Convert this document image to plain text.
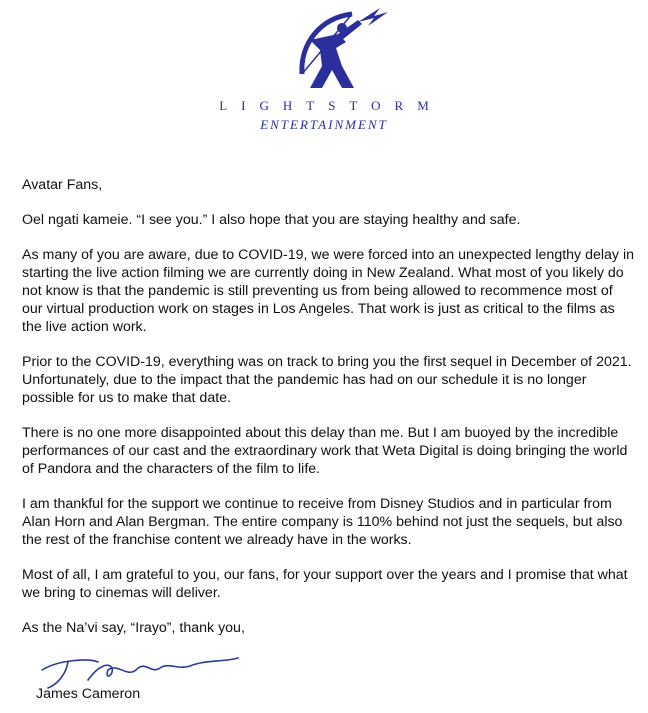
LIGHTSTORM
ENTERTAINMENT

Avatar Fans,

Oel ngati kameie. “I see you.” I also hope that you are staying healthy and safe.

As many of you are aware, due to COVID-19, we were forced into an unexpected lengthy delay in starting the live action filming we are currently doing in New Zealand. What most of you likely do not know is that the pandemic is still preventing us from being allowed to recommence most of our virtual production work on stages in Los Angeles. That work is just as critical to the films as the live action work.

Prior to the COVID-19, everything was on track to bring you the first sequel in December of 2021. Unfortunately, due to the impact that the pandemic has had on our schedule it is no longer possible for us to make that date.

There is no one more disappointed about this delay than me. But I am buoyed by the incredible performances of our cast and the extraordinary work that Weta Digital is doing bringing the world of Pandora and the characters of the film to life.

I am thankful for the support we continue to receive from Disney Studios and in particular from Alan Horn and Alan Bergman. The entire company is 110% behind not just the sequels, but also the rest of the franchise content we already have in the works.

Most of all, I am grateful to you, our fans, for your support over the years and I promise that what we bring to cinemas will deliver.

As the Na’vi say, “Irayo”, thank you,

James Cameron
